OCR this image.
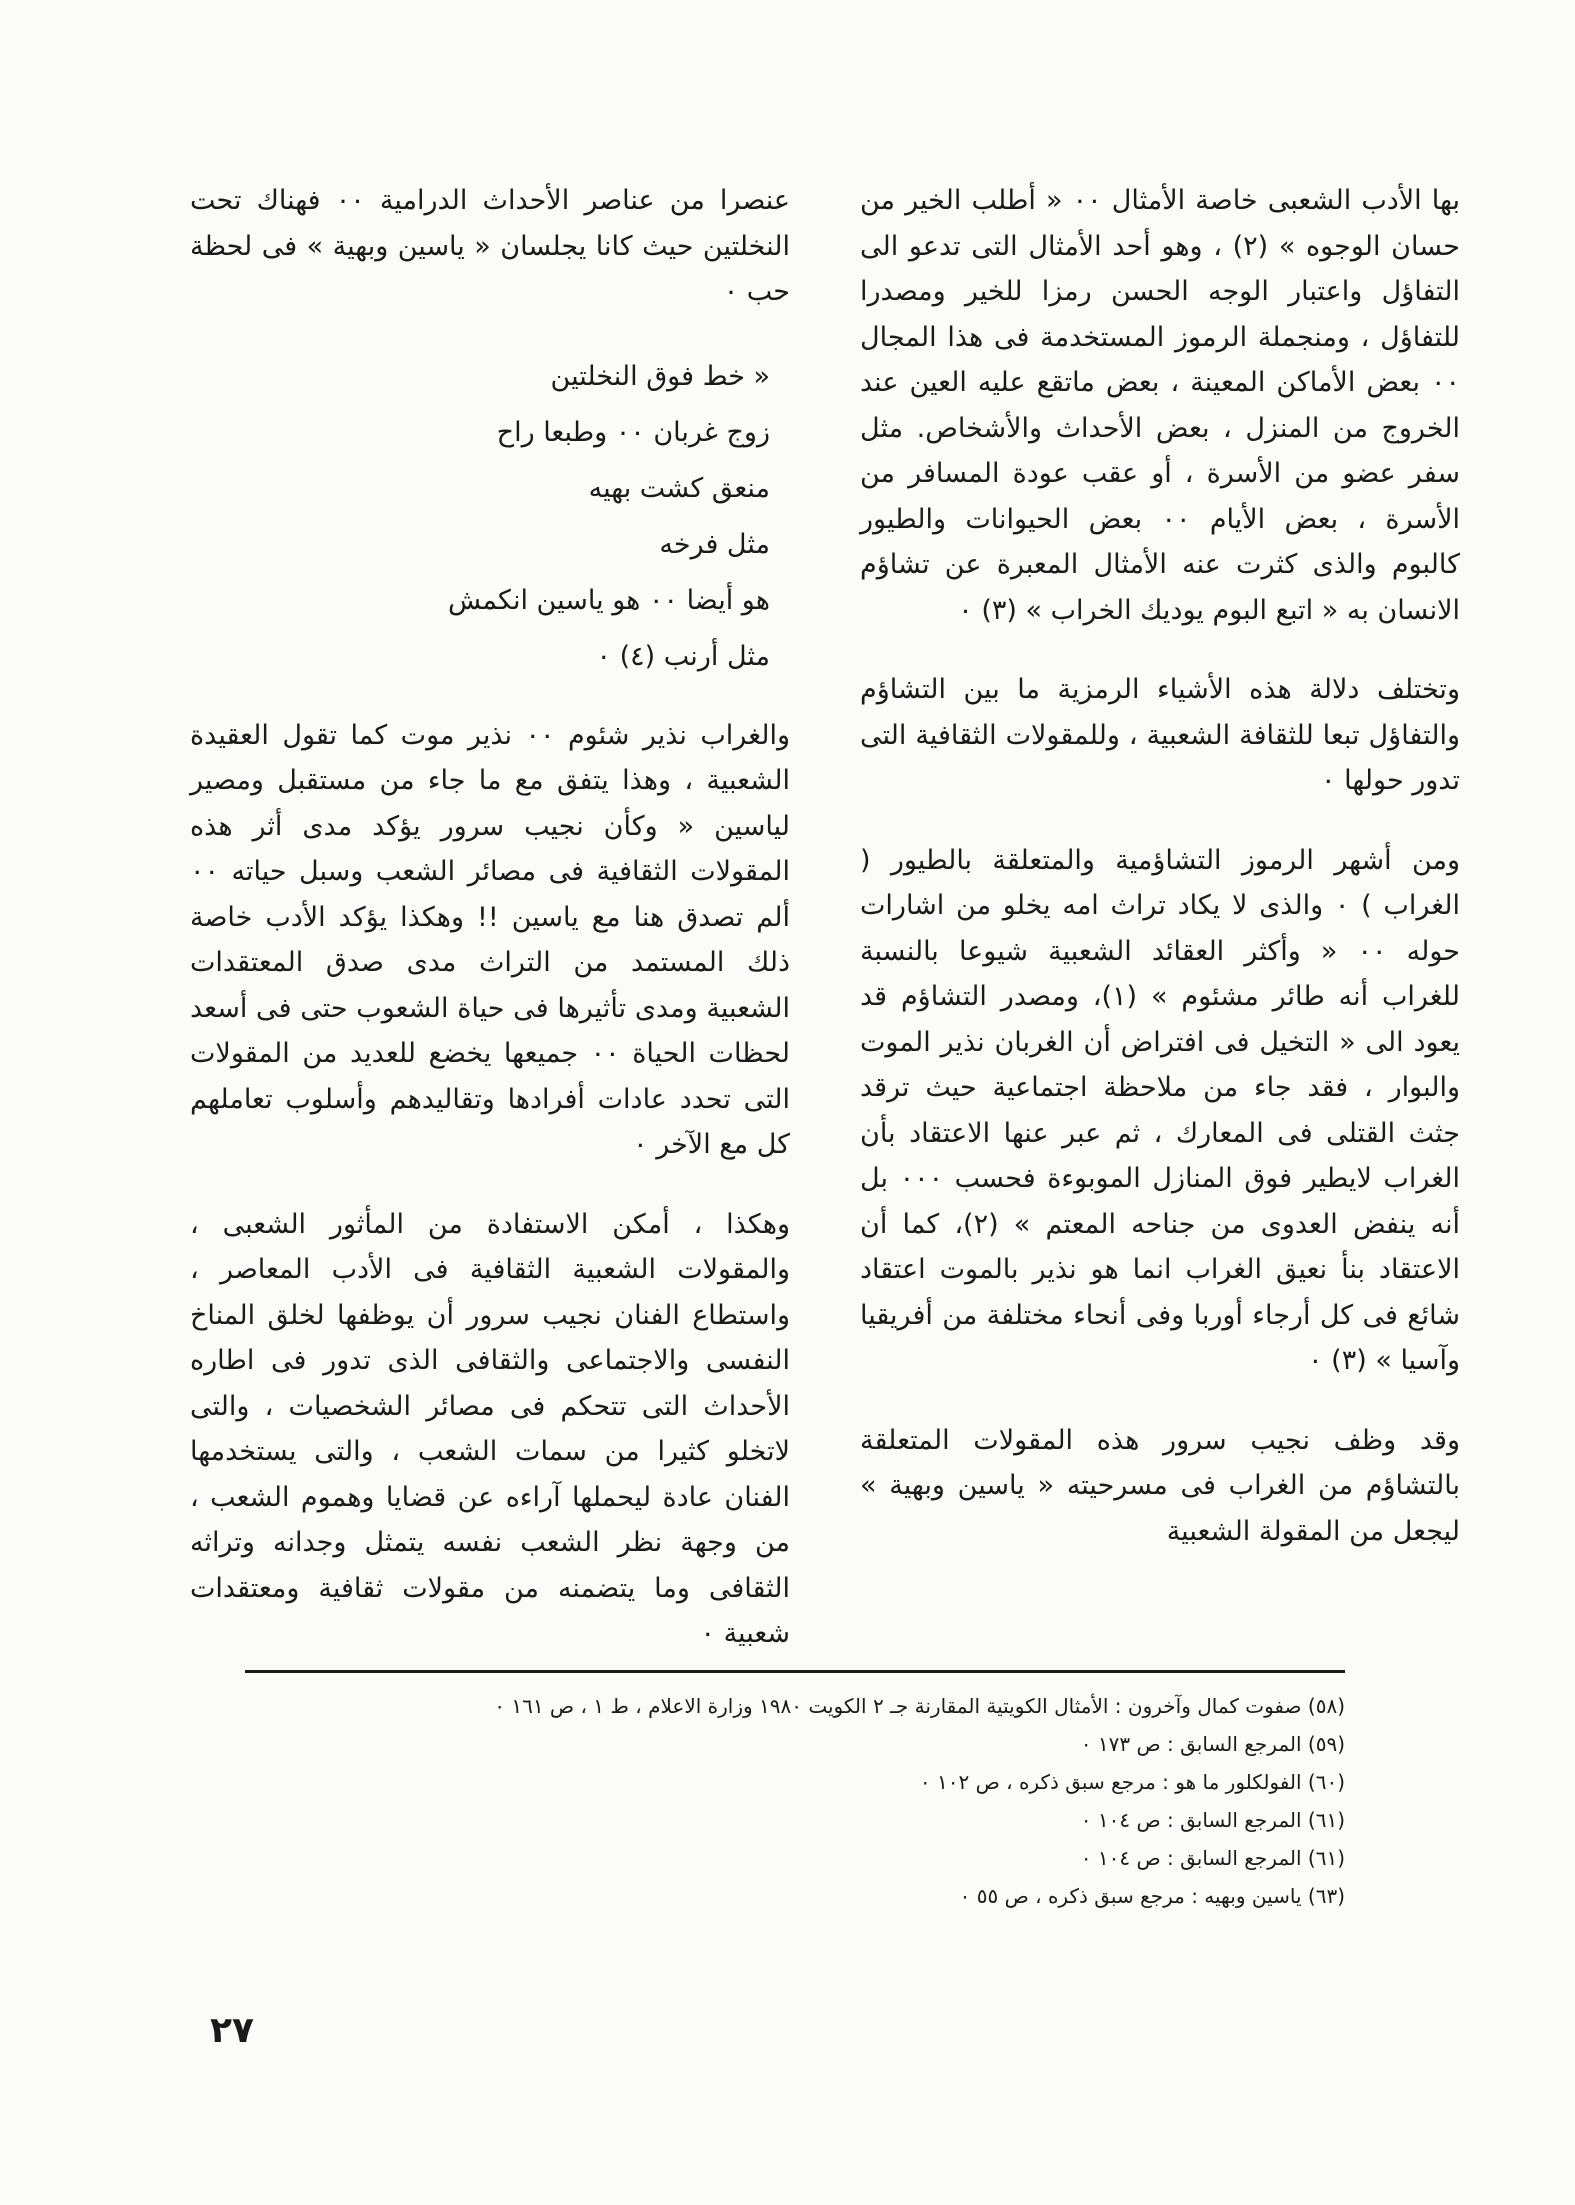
بها الأدب الشعبى خاصة الأمثال ٠٠ « أطلب الخير من حسان الوجوه » (٢) ، وهو أحد الأمثال التى تدعو الى التفاؤل واعتبار الوجه الحسن رمزا للخير ومصدرا للتفاؤل ، ومنجملة الرموز المستخدمة فى هذا المجال ٠٠ بعض الأماكن المعينة ، بعض ماتقع عليه العين عند الخروج من المنزل ، بعض الأحداث والأشخاص. مثل سفر عضو من الأسرة ، أو عقب عودة المسافر من الأسرة ، بعض الأيام ٠٠ بعض الحيوانات والطيور كالبوم والذى كثرت عنه الأمثال المعبرة عن تشاؤم الانسان به « اتبع البوم يوديك الخراب » (٣) ٠

وتختلف دلالة هذه الأشياء الرمزية ما بين التشاؤم والتفاؤل تبعا للثقافة الشعبية ، وللمقولات الثقافية التى تدور حولها ٠

ومن أشهر الرموز التشاؤمية والمتعلقة بالطيور ( الغراب ) ٠ والذى لا يكاد تراث امه يخلو من اشارات حوله ٠٠ « وأكثر العقائد الشعبية شيوعا بالنسبة للغراب أنه طائر مشئوم » (١)، ومصدر التشاؤم قد يعود الى « التخيل فى افتراض أن الغربان نذير الموت والبوار ، فقد جاء من ملاحظة اجتماعية حيث ترقد جثث القتلى فى المعارك ، ثم عبر عنها الاعتقاد بأن الغراب لايطير فوق المنازل الموبوءة فحسب ٠٠٠ بل أنه ينفض العدوى من جناحه المعتم » (٢)، كما أن الاعتقاد بنأ نعيق الغراب انما هو نذير بالموت اعتقاد شائع فى كل أرجاء أوربا وفى أنحاء مختلفة من أفريقيا وآسيا » (٣) ٠

وقد وظف نجيب سرور هذه المقولات المتعلقة بالتشاؤم من الغراب فى مسرحيته « ياسين وبهية » ليجعل من المقولة الشعبية

عنصرا من عناصر الأحداث الدرامية ٠٠ فهناك تحت النخلتين حيث كانا يجلسان « ياسين وبهية » فى لحظة حب ٠

« خط فوق النخلتين
زوج غربان ٠٠ وطبعا راح
منعق كشت بهيه
مثل فرخه
هو أيضا ٠٠ هو ياسين انكمش
مثل أرنب (٤) ٠

والغراب نذير شئوم ٠٠ نذير موت كما تقول العقيدة الشعبية ، وهذا يتفق مع ما جاء من مستقبل ومصير لياسين « وكأن نجيب سرور يؤكد مدى أثر هذه المقولات الثقافية فى مصائر الشعب وسبل حياته ٠٠ ألم تصدق هنا مع ياسين !! وهكذا يؤكد الأدب خاصة ذلك المستمد من التراث مدى صدق المعتقدات الشعبية ومدى تأثيرها فى حياة الشعوب حتى فى أسعد لحظات الحياة ٠٠ جميعها يخضع للعديد من المقولات التى تحدد عادات أفرادها وتقاليدهم وأسلوب تعاملهم كل مع الآخر ٠

وهكذا ، أمكن الاستفادة من المأثور الشعبى ، والمقولات الشعبية الثقافية فى الأدب المعاصر ، واستطاع الفنان نجيب سرور أن يوظفها لخلق المناخ النفسى والاجتماعى والثقافى الذى تدور فى اطاره الأحداث التى تتحكم فى مصائر الشخصيات ، والتى لاتخلو كثيرا من سمات الشعب ، والتى يستخدمها الفنان عادة ليحملها آراءه عن قضايا وهموم الشعب ، من وجهة نظر الشعب نفسه يتمثل وجدانه وتراثه الثقافى وما يتضمنه من مقولات ثقافية ومعتقدات شعبية ٠

(٥٨) صفوت كمال وآخرون : الأمثال الكويتية المقارنة جـ ٢ الكويت ١٩٨٠ وزارة الاعلام ، ط ١ ، ص ١٦١ ٠
(٥٩) المرجع السابق : ص ١٧٣ ٠
(٦٠) الفولكلور ما هو : مرجع سبق ذكره ، ص ١٠٢ ٠
(٦١) المرجع السابق : ص ١٠٤ ٠
(٦١) المرجع السابق : ص ١٠٤ ٠
(٦٣) ياسين وبهيه : مرجع سبق ذكره ، ص ٥٥ ٠
٢٧
